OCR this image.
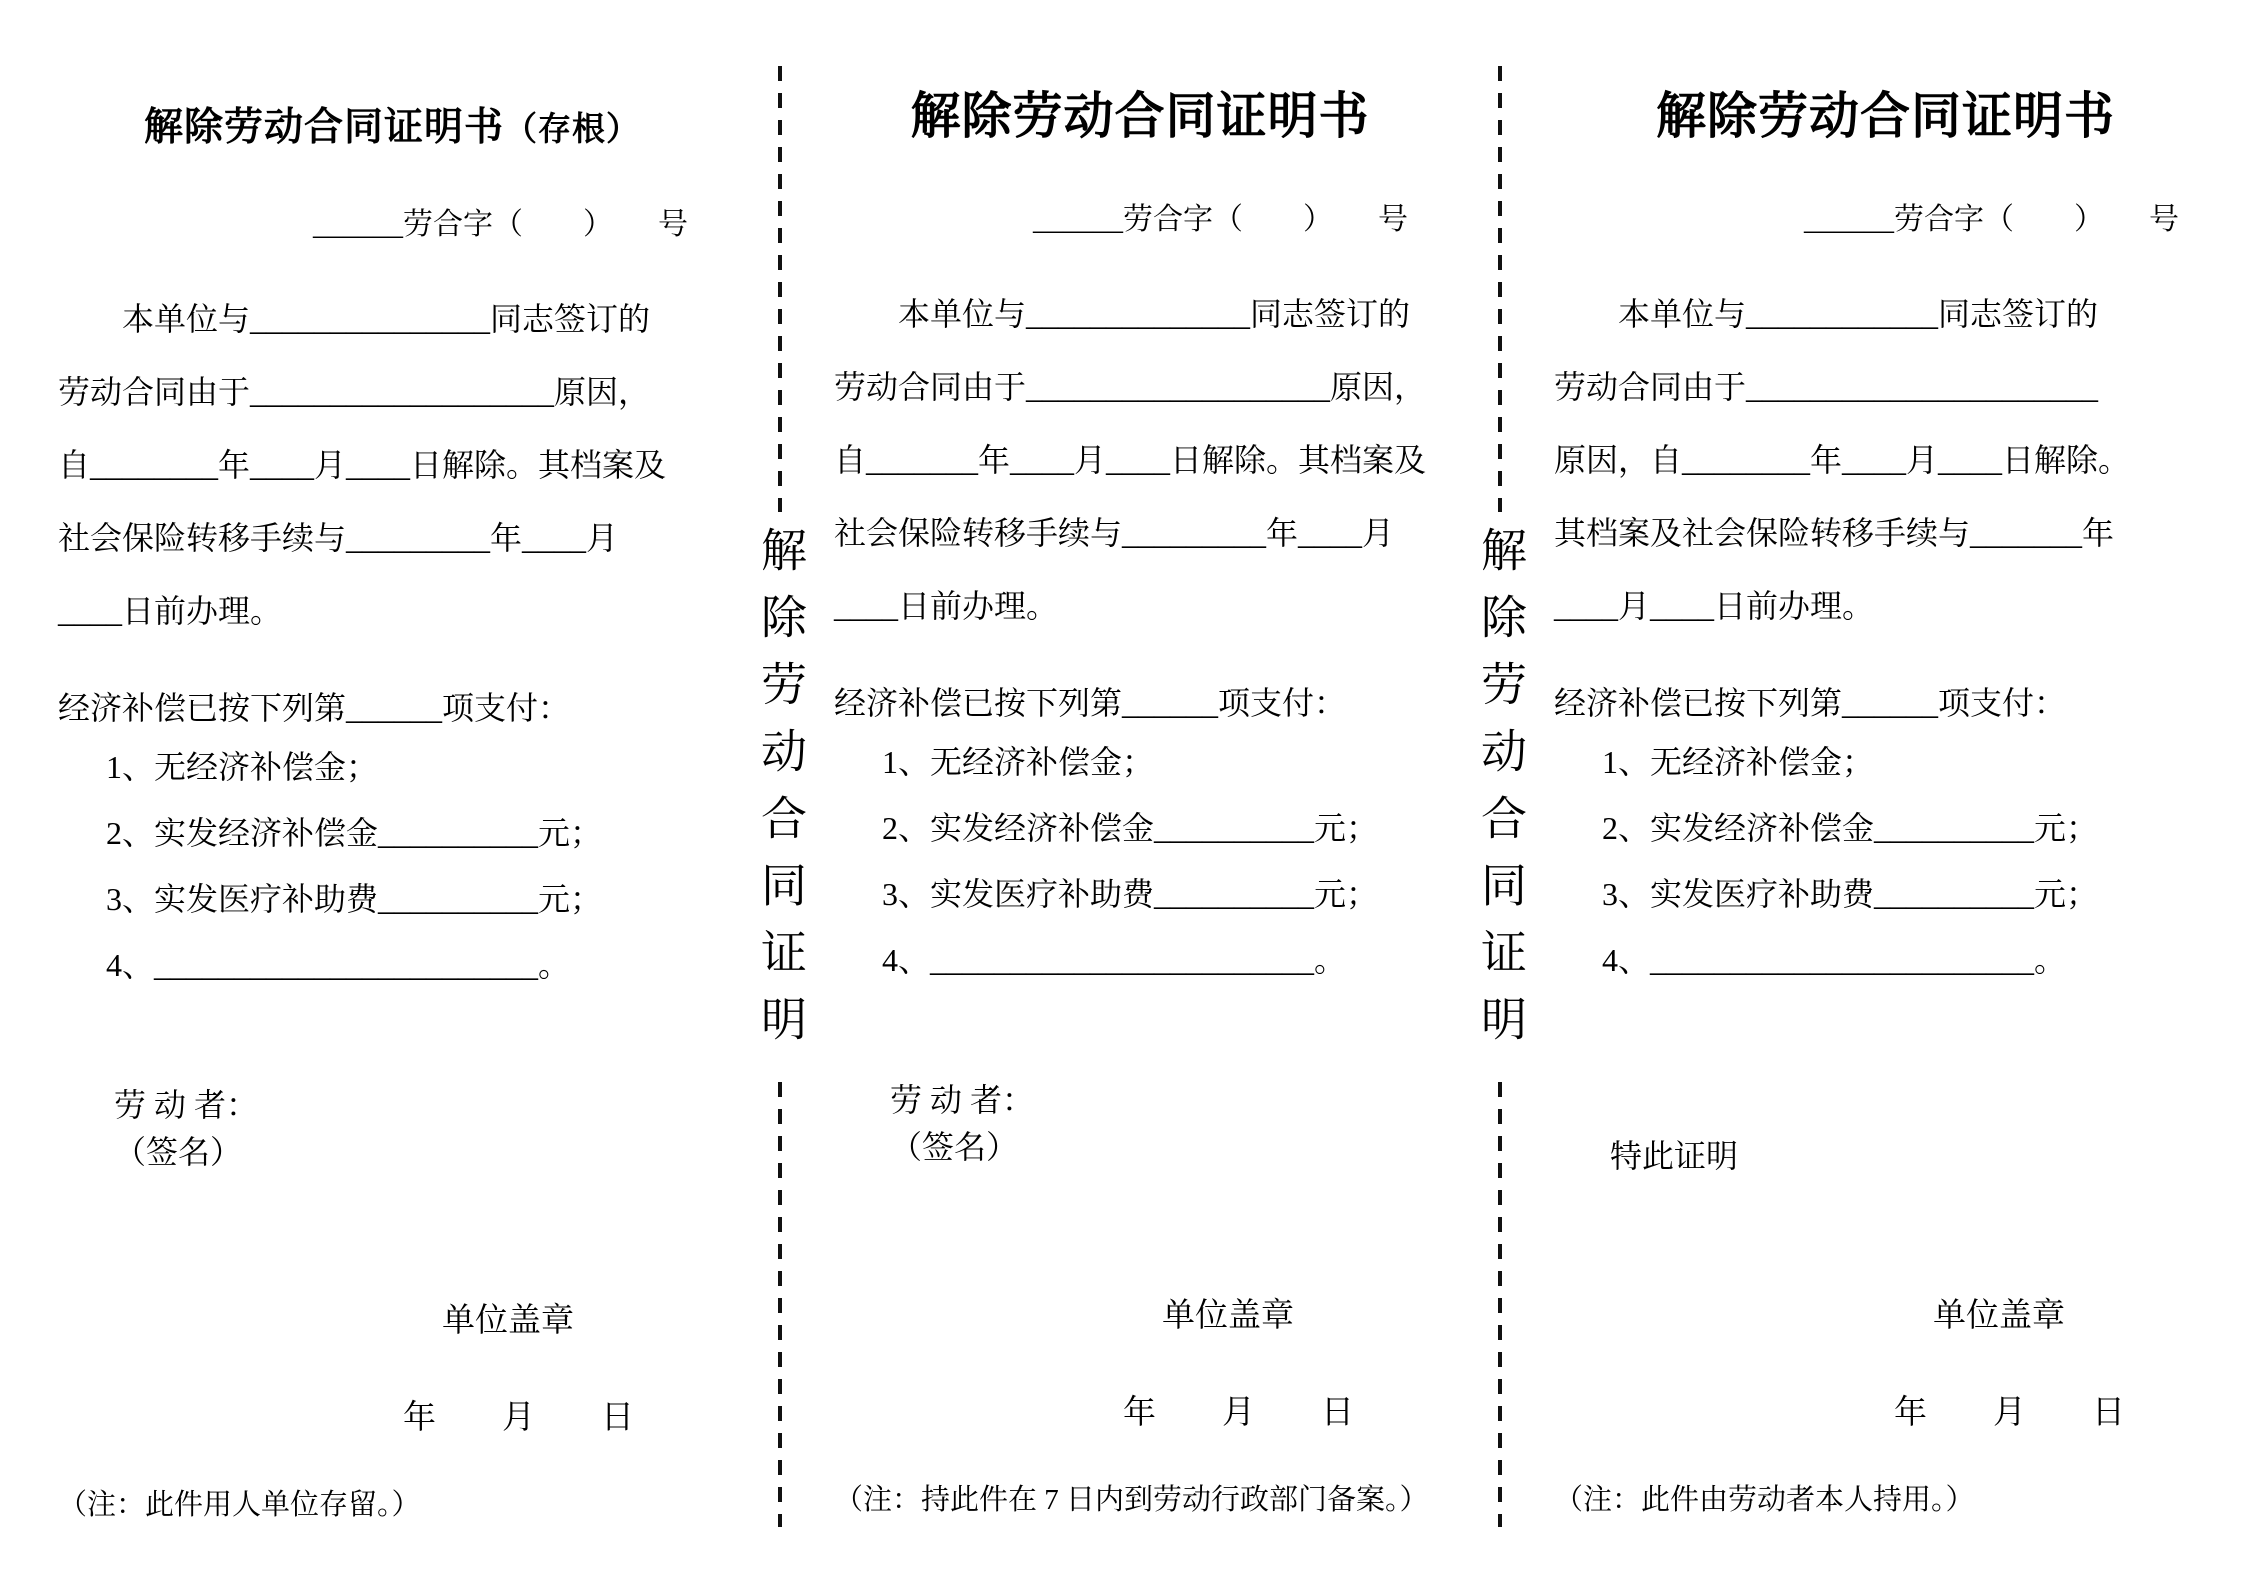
解除劳动合同证明书（存根）
______劳合字（　　）　　号
　　本单位与_______________同志签订的
劳动合同由于___________________原因，
自________年____月____日解除。其档案及
社会保险转移手续与_________年____月
____日前办理。
经济补偿已按下列第______项支付：
1、无经济补偿金；
2、实发经济补偿金__________元；
3、实发医疗补助费__________元；
4、________________________。
劳 动 者：
（签名）
单位盖章
年　　月　　日
（注：此件用人单位存留。）
解除劳动合同证明
解除劳动合同证明书
______劳合字（　　）　　号
　　本单位与______________同志签订的
劳动合同由于___________________原因，
自_______年____月____日解除。其档案及
社会保险转移手续与_________年____月
____日前办理。
经济补偿已按下列第______项支付：
1、无经济补偿金；
2、实发经济补偿金__________元；
3、实发医疗补助费__________元；
4、________________________。
劳 动 者：
（签名）
单位盖章
年　　月　　日
（注：持此件在 7 日内到劳动行政部门备案。）
解除劳动合同证明
解除劳动合同证明书
______劳合字（　　）　　号
　　本单位与____________同志签订的
劳动合同由于______________________
原因，自________年____月____日解除。
其档案及社会保险转移手续与_______年
____月____日前办理。
经济补偿已按下列第______项支付：
1、无经济补偿金；
2、实发经济补偿金__________元；
3、实发医疗补助费__________元；
4、________________________。
特此证明
单位盖章
年　　月　　日
（注：此件由劳动者本人持用。）
